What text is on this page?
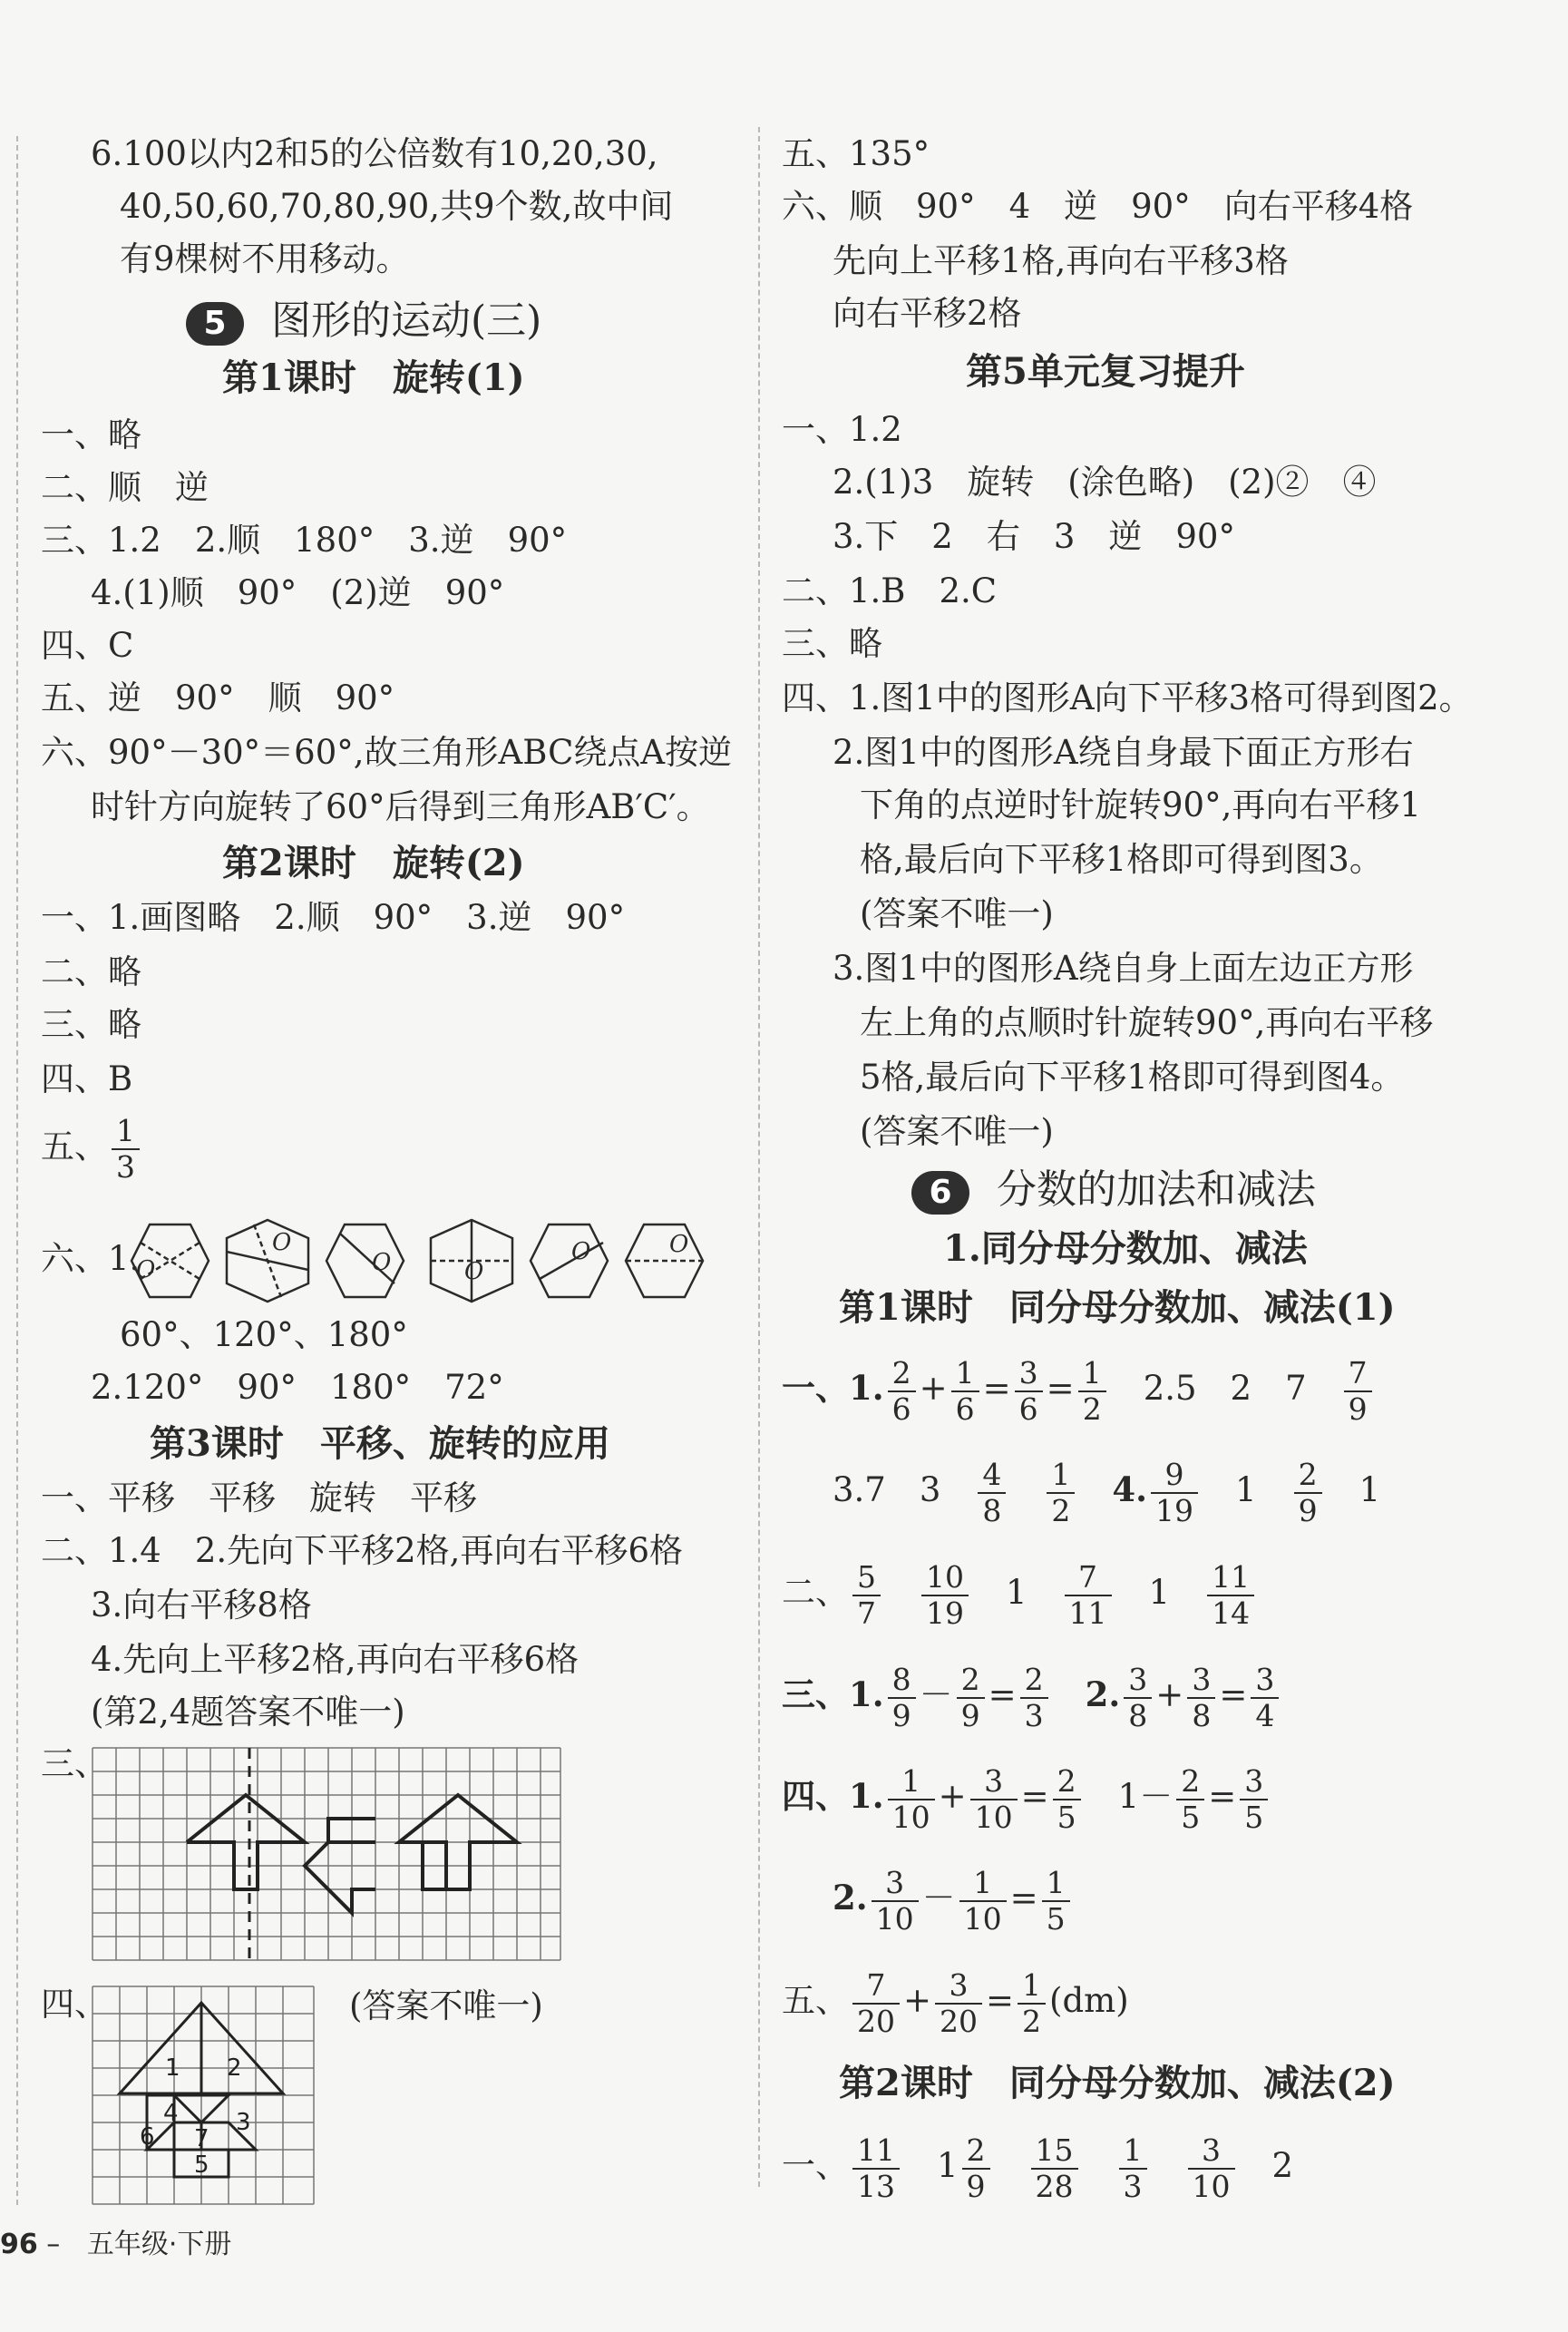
6.100以内2和5的公倍数有10,20,30,
40,50,60,70,80,90,共9个数,故中间
有9棵树不用移动。
5 图形的运动(三)
第1课时　旋转(1)
一、略
二、顺　逆
三、1.2　2.顺　180°　3.逆　90°
4.(1)顺　90°　(2)逆　90°
四、C
五、逆　90°　顺　90°
六、90°－30°＝60°,故三角形ABC绕点A按逆
时针方向旋转了60°后得到三角形AB′C′。
第2课时　旋转(2)
一、1.画图略　2.顺　90°　3.逆　90°
二、略
三、略
四、B
五、 $\frac{1}{3}$
六、1.
O
O
O	O
O	O
60°、120°、180°
2.120°　90°　180°　72°
第3课时　平移、旋转的应用
一、平移　平移　旋转　平移
二、1.4　2.先向下平移2格,再向右平移6格
3.向右平移8格
4.先向上平移2格,再向右平移6格
(第2,4题答案不唯一)
三、
四、
1 2
4
6 7
3
5
(答案不唯一)
五、135°
六、顺　90°　4　逆　90°　向右平移4格
先向上平移1格,再向右平移3格
向右平移2格
第5单元复习提升
一、1.2
2.(1)3　旋转　(涂色略)　(2)②　④
3.下　2　右　3　逆　90°
二、1.B　2.C
三、略
四、1.图1中的图形A向下平移3格可得到图2。
2.图1中的图形A绕自身最下面正方形右
下角的点逆时针旋转90°,再向右平移1
格,最后向下平移1格即可得到图3。
(答案不唯一)
3.图1中的图形A绕自身上面左边正方形
左上角的点顺时针旋转90°,再向右平移
5格,最后向下平移1格即可得到图4。
(答案不唯一)
6 分数的加法和减法
1.同分母分数加、减法
第1课时　同分母分数加、减法(1)
一、1. $\frac{2}{6} + \frac{1}{6} = \frac{3}{6} = \frac{1}{2}$
　 2.5　2　7　 $\frac{7}{9}$
3.7　3　 $\frac{4}{8}$
　 $\frac{1}{2}$
　 4. $\frac{9}{19}$
　 1　 $\frac{2}{9}$
　 1
二、 $\frac{5}{7}$
　 $\frac{10}{19}$
　 1　 $\frac{7}{11}$
　 1　 $\frac{11}{14}$
三、1. $\frac{8}{9} - \frac{2}{9} = \frac{2}{3}$
　 2. $\frac{3}{8} + \frac{3}{8} = \frac{3}{4}$
四、1. $\frac{1}{10} + \frac{3}{10} = \frac{2}{5}$
　 $1- \frac{2}{5} = \frac{3}{5}$
2. $\frac{3}{10} - \frac{1}{10} = \frac{1}{5}$
五、 $\frac{7}{20} + \frac{3}{20} = \frac{1}{2} (dm)$
第2课时　同分母分数加、减法(2)
一、 $\frac{11}{13}$
　 $1 \frac{2}{9}$
　 $\frac{15}{28}$
　 $\frac{1}{3}$
　 $\frac{3}{10}$
　 2
96 – 五年级·下册
